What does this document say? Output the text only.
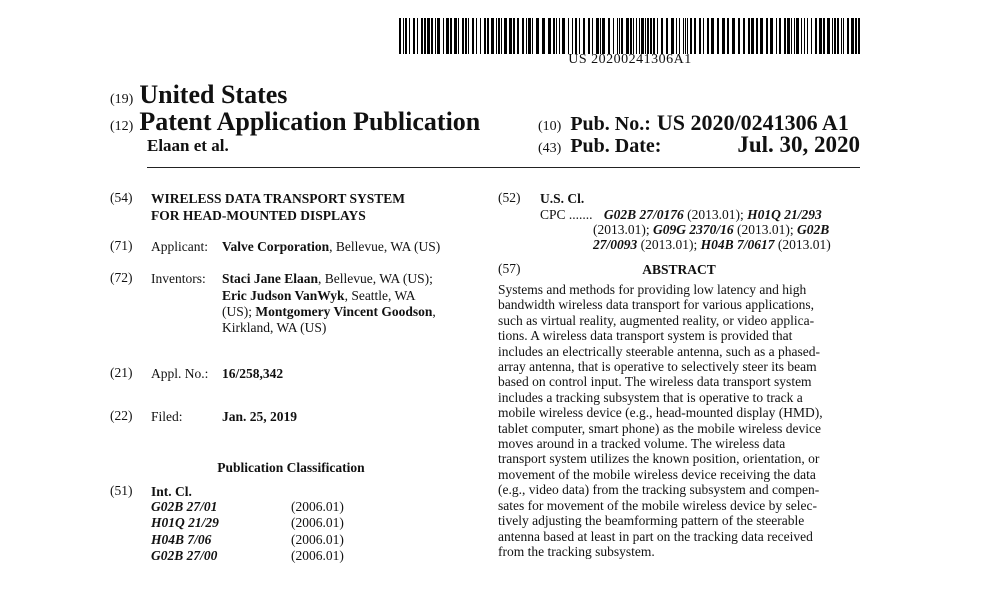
US 20200241306A1
(19) United States
(12) Patent Application Publication
Elaan et al.
(10) Pub. No.: US 2020/0241306 A1
(43) Pub. Date:	Jul. 30, 2020
(54) WIRELESS DATA TRANSPORT SYSTEM
FOR HEAD-MOUNTED DISPLAYS
(71) Applicant: Valve Corporation, Bellevue, WA (US)
(72) Inventors: Staci Jane Elaan, Bellevue, WA (US);
Eric Judson VanWyk, Seattle, WA
(US); Montgomery Vincent Goodson,
Kirkland, WA (US)
(21) Appl. No.: 16/258,342
(22) Filed:	Jan. 25, 2019
Publication Classification
(51) Int. Cl.
G02B 27/01	(2006.01)
H01Q 21/29	(2006.01)
H04B 7/06	(2006.01)
G02B 27/00	(2006.01)
(52) U.S. Cl.
CPC ....... G02B 27/0176 (2013.01); H01Q 21/293
(2013.01); G09G 2370/16 (2013.01); G02B
27/0093 (2013.01); H04B 7/0617 (2013.01)
(57)	ABSTRACT
Systems and methods for providing low latency and high
bandwidth wireless data transport for various applications,
such as virtual reality, augmented reality, or video applica-
tions. A wireless data transport system is provided that
includes an electrically steerable antenna, such as a phased-
array antenna, that is operative to selectively steer its beam
based on control input. The wireless data transport system
includes a tracking subsystem that is operative to track a
mobile wireless device (e.g., head-mounted display (HMD),
tablet computer, smart phone) as the mobile wireless device
moves around in a tracked volume. The wireless data
transport system utilizes the known position, orientation, or
movement of the mobile wireless device receiving the data
(e.g., video data) from the tracking subsystem and compen-
sates for movement of the mobile wireless device by selec-
tively adjusting the beamforming pattern of the steerable
antenna based at least in part on the tracking data received
from the tracking subsystem.
